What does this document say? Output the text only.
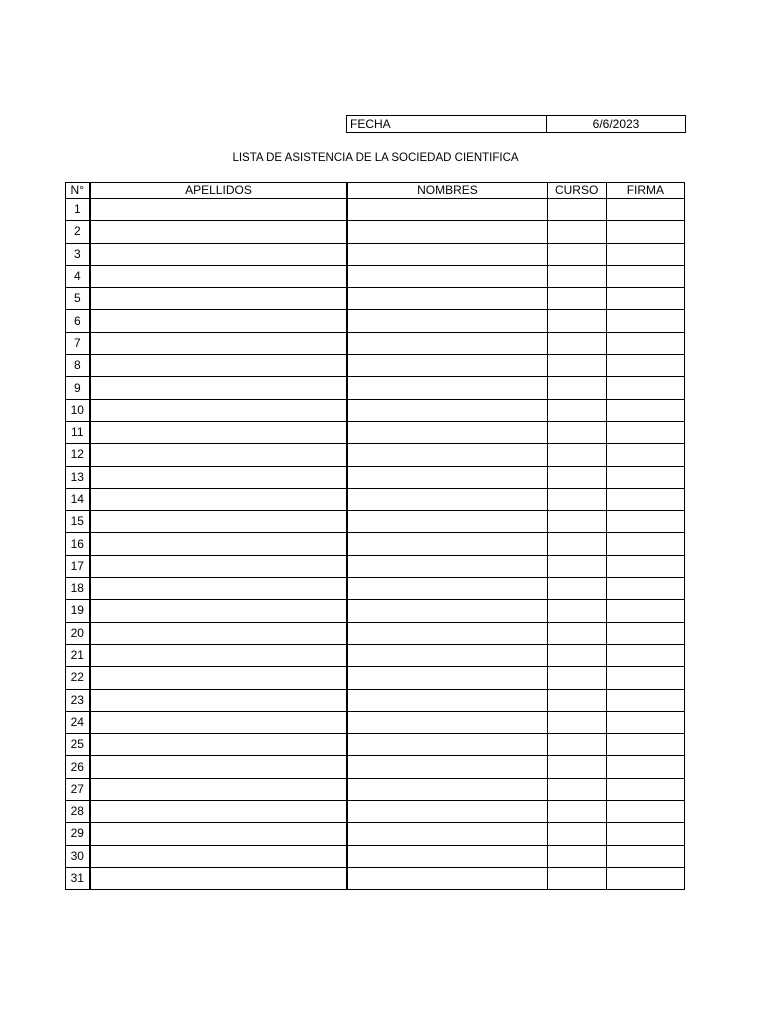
FECHA	6/6/2023

LISTA DE ASISTENCIA DE LA SOCIEDAD CIENTIFICA

N°	APELLIDOS	NOMBRES	CURSO	FIRMA
1				
2				
3				
4				
5				
6				
7				
8				
9				
10				
11				
12				
13				
14				
15				
16				
17				
18				
19				
20				
21				
22				
23				
24				
25				
26				
27				
28				
29				
30				
31				
